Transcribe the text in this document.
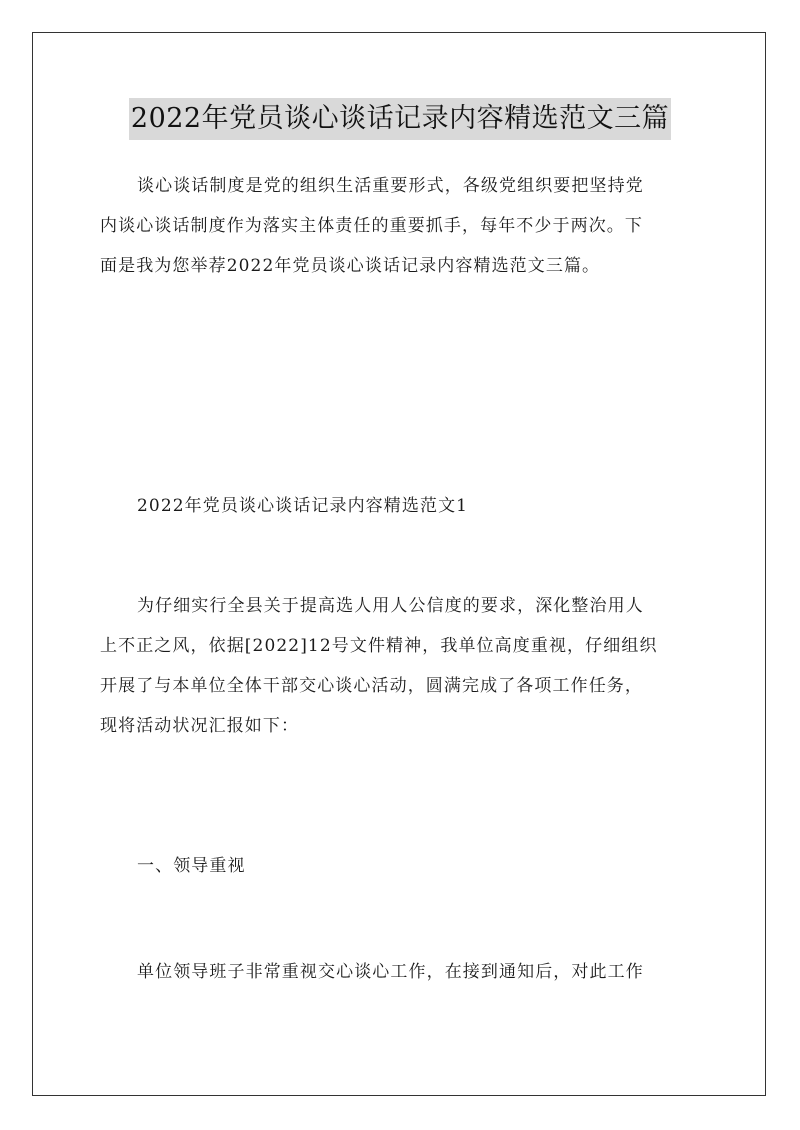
2022年党员谈心谈话记录内容精选范文三篇
谈心谈话制度是党的组织生活重要形式，各级党组织要把坚持党
内谈心谈话制度作为落实主体责任的重要抓手，每年不少于两次。下
面是我为您举荐2022年党员谈心谈话记录内容精选范文三篇。
2022年党员谈心谈话记录内容精选范文1
为仔细实行全县关于提高选人用人公信度的要求，深化整治用人
上不正之风，依据[2022]12号文件精神，我单位高度重视，仔细组织
开展了与本单位全体干部交心谈心活动，圆满完成了各项工作任务，
现将活动状况汇报如下：
一、领导重视
单位领导班子非常重视交心谈心工作，在接到通知后，对此工作
